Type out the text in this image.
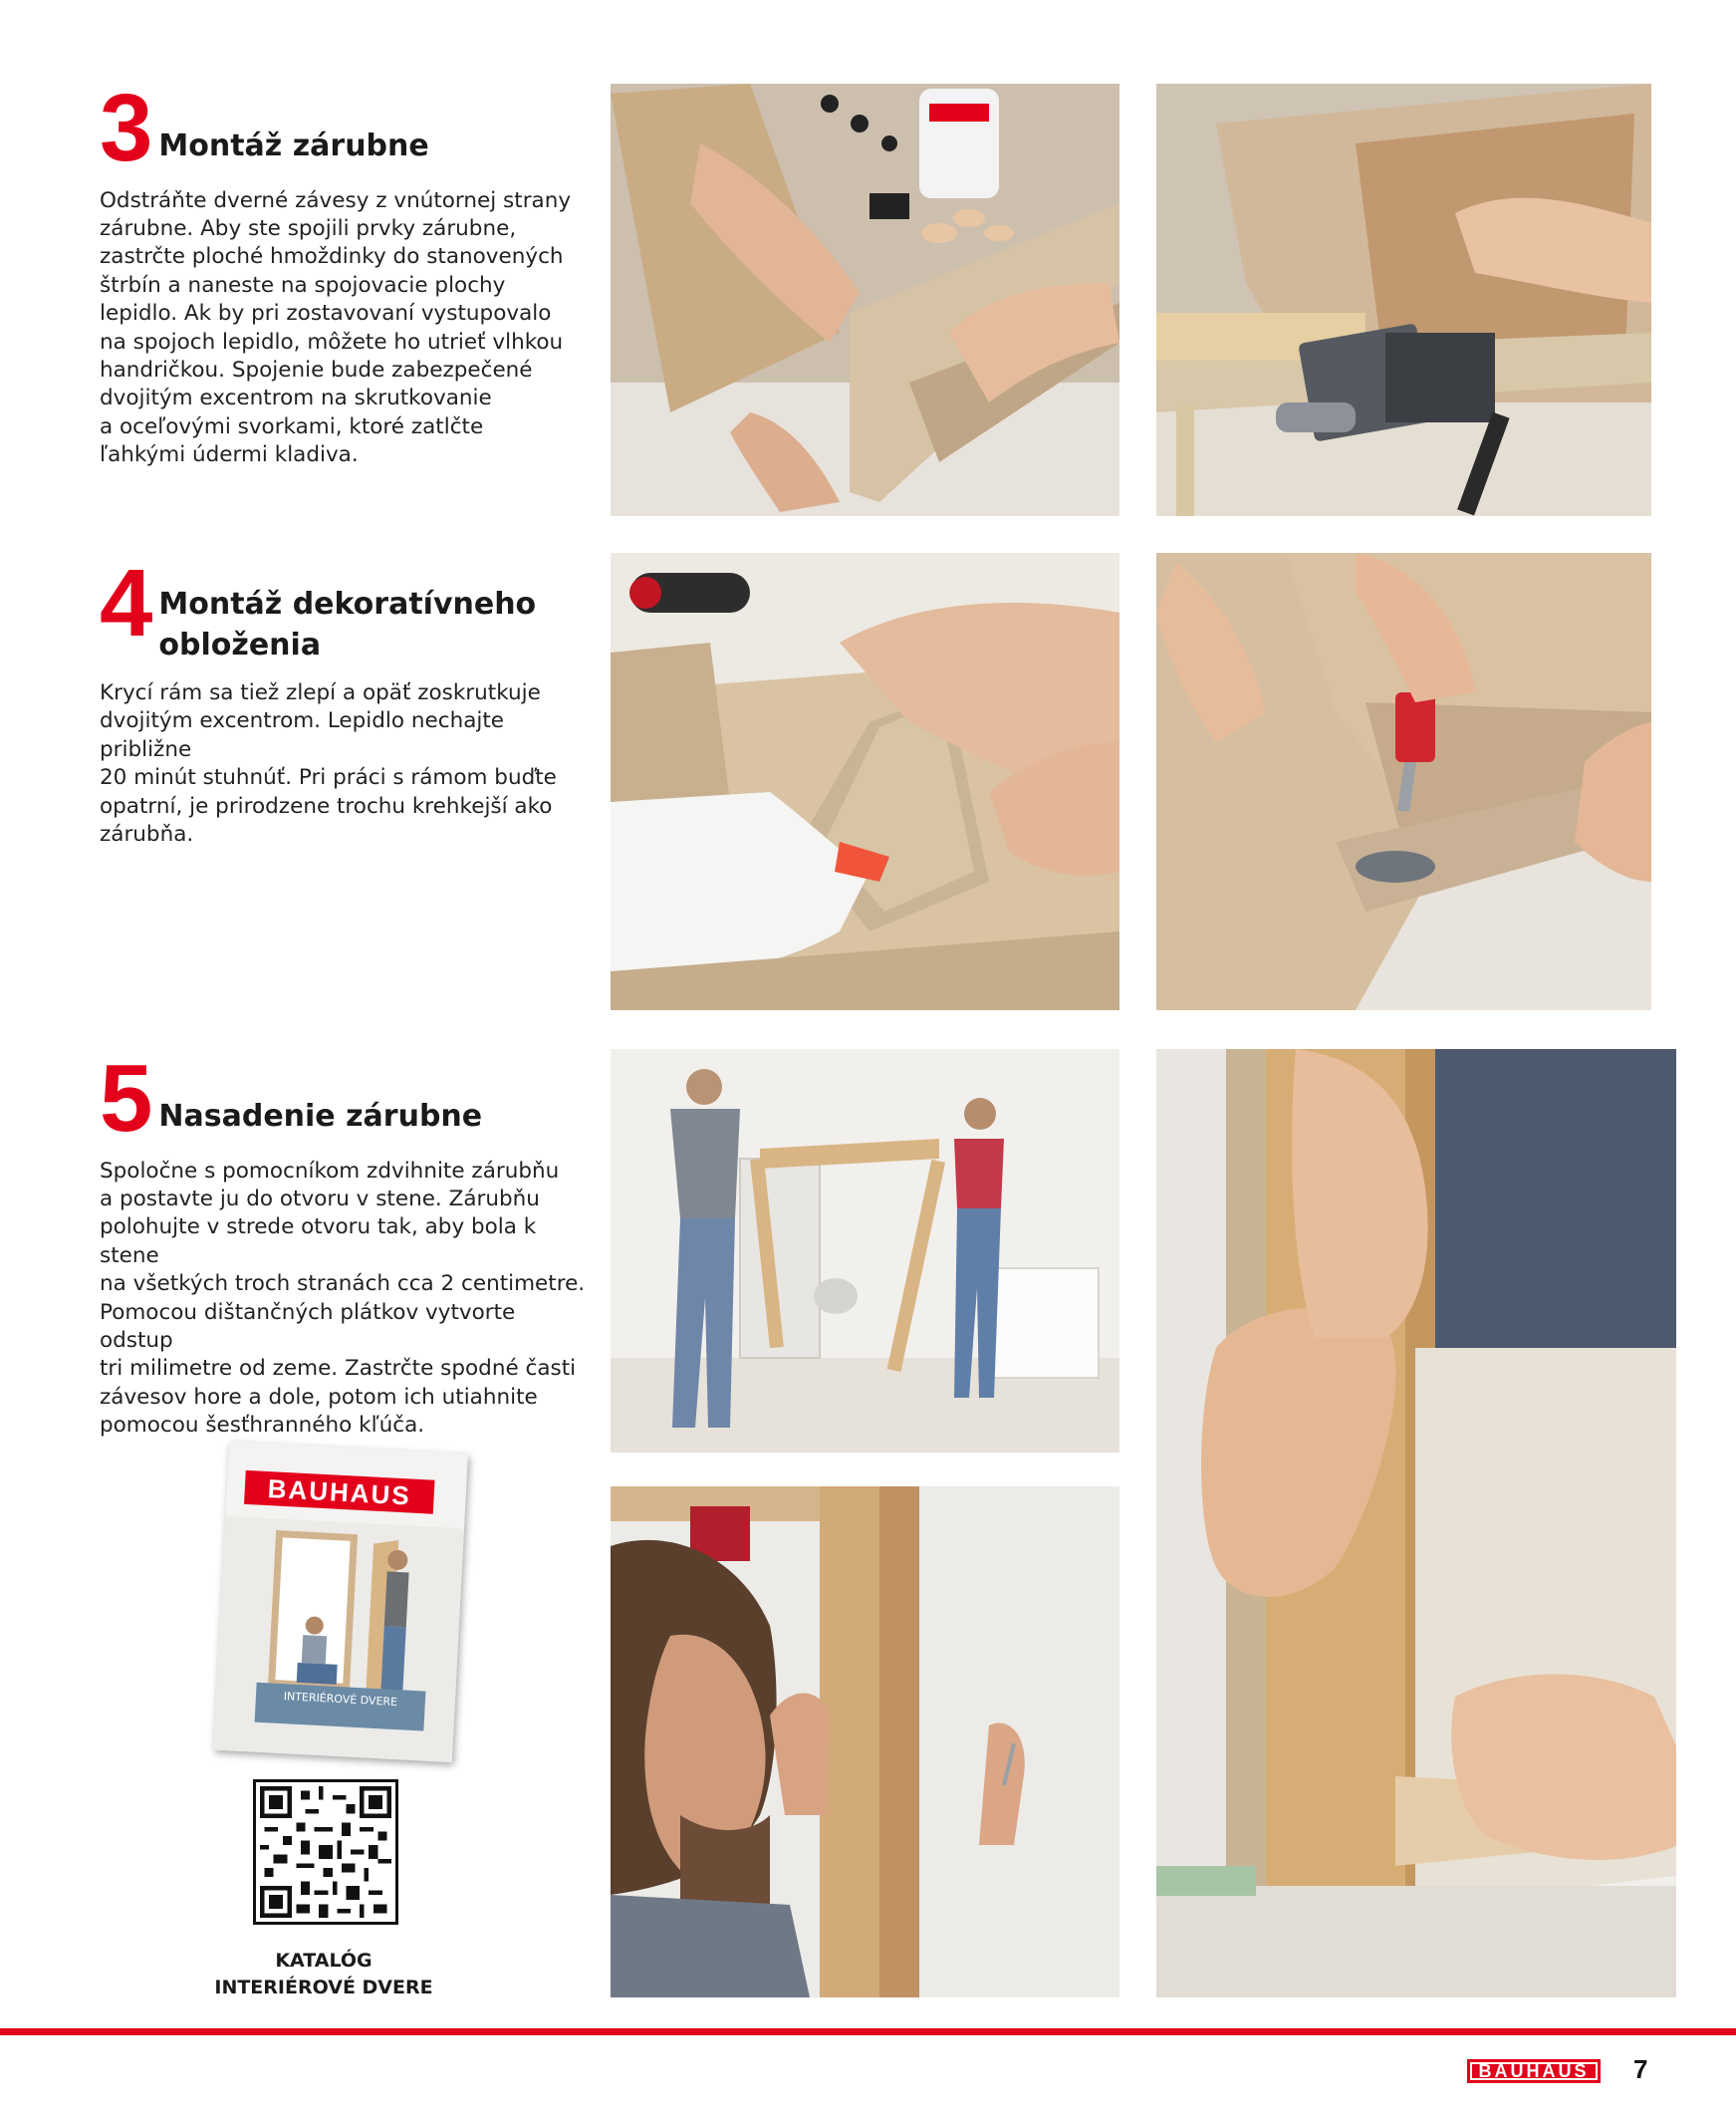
3 Montáž zárubne

Odstráňte dverné závesy z vnútornej strany
zárubne. Aby ste spojili prvky zárubne,
zastrčte ploché hmoždinky do stanovených
štrbín a naneste na spojovacie plochy
lepidlo. Ak by pri zostavovaní vystupovalo
na spojoch lepidlo, môžete ho utrieť vlhkou
handričkou. Spojenie bude zabezpečené
dvojitým excentrom na skrutkovanie
a oceľovými svorkami, ktoré zatlčte
ľahkými údermi kladiva.

4 Montáž dekoratívneho
obloženia

Krycí rám sa tiež zlepí a opäť zoskrutkuje
dvojitým excentrom. Lepidlo nechajte približne
20 minút stuhnúť. Pri práci s rámom buďte
opatrní, je prirodzene trochu krehkejší ako
zárubňa.

5 Nasadenie zárubne

Spoločne s pomocníkom zdvihnite zárubňu
a postavte ju do otvoru v stene. Zárubňu
polohujte v strede otvoru tak, aby bola k stene
na všetkých troch stranách cca 2 centimetre.
Pomocou dištančných plátkov vytvorte odstup
tri milimetre od zeme. Zastrčte spodné časti
závesov hore a dole, potom ich utiahnite
pomocou šesťhranného kľúča.

BAUHAUS
INTERIÉROVÉ DVERE
KATALÓG
INTERIÉROVÉ DVERE
BAUHAUS	7
